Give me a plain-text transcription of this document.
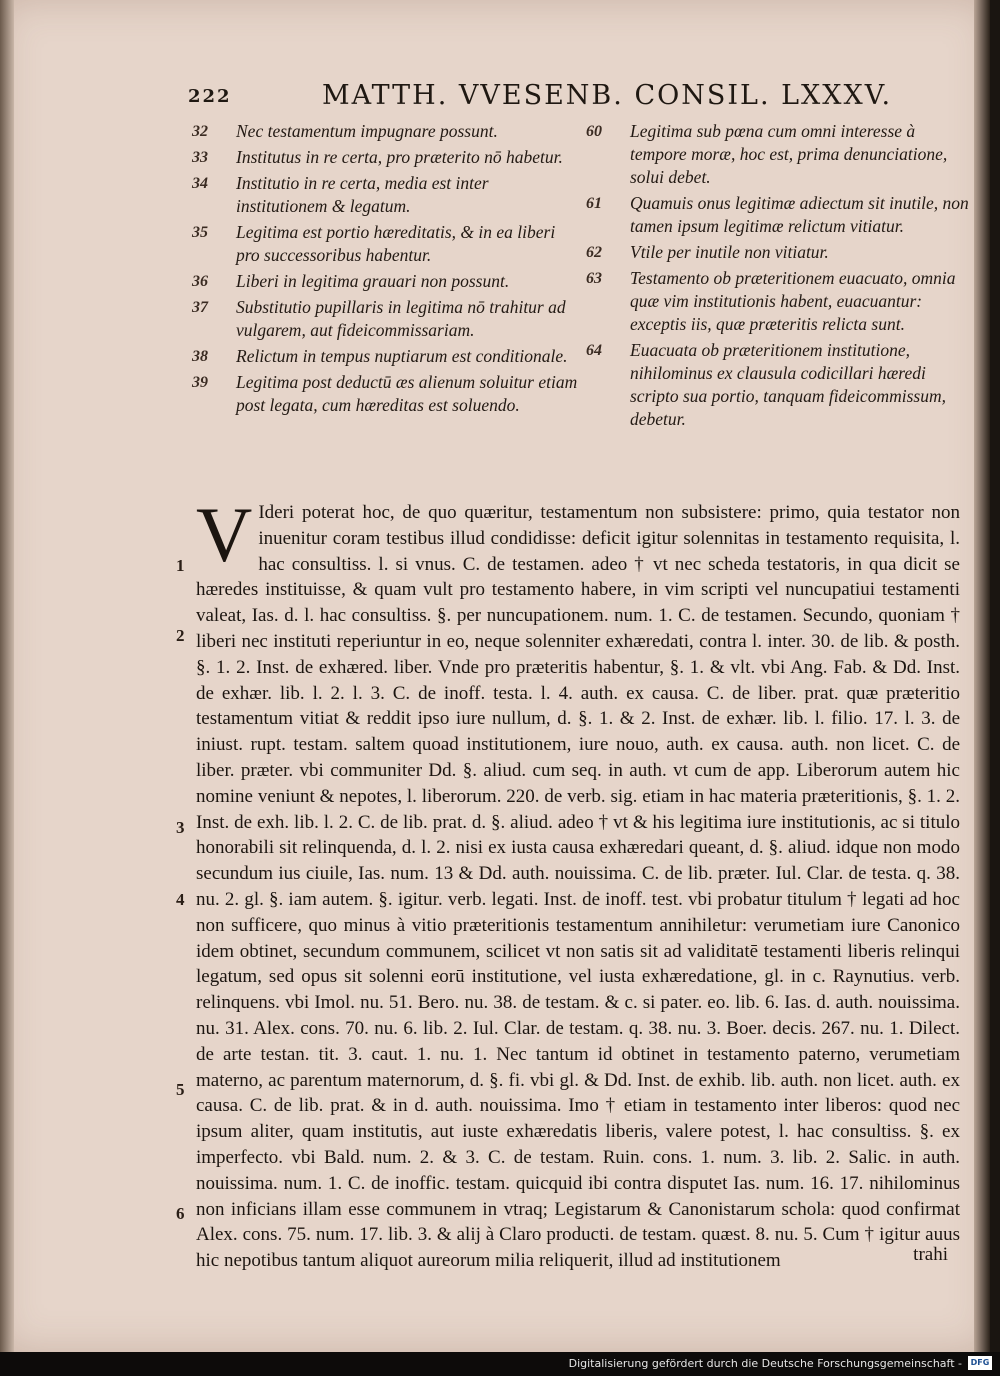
222	MATTH. VVESENB. CONSIL. LXXXV.
32 Nec testamentum impugnare possunt.
33 Institutus in re certa, pro præterito nō habetur.
34 Institutio in re certa, media est inter institutionem & legatum.
35 Legitima est portio hæreditatis, & in ea liberi pro successoribus habentur.
36 Liberi in legitima grauari non possunt.
37 Substitutio pupillaris in legitima nō trahitur ad vulgarem, aut fideicommissariam.
38 Relictum in tempus nuptiarum est conditionale.
39 Legitima post deductū æs alienum soluitur etiam post legata, cum hæreditas est soluendo.
60 Legitima sub pœna cum omni interesse à tempore moræ, hoc est, prima denunciatione, solui debet.
61 Quamuis onus legitimæ adiectum sit inutile, non tamen ipsum legitimæ relictum vitiatur.
62 Vtile per inutile non vitiatur.
63 Testamento ob præteritionem euacuato, omnia quæ vim institutionis habent, euacuantur: exceptis iis, quæ præteritis relicta sunt.
64 Euacuata ob præteritionem institutione, nihilominus ex clausula codicillari hæredi scripto sua portio, tanquam fideicommissum, debetur.
1
2
3
4
5
6
V Ideri poterat hoc, de quo quæritur, testamentum non subsistere: primo, quia testator non inuenitur coram testibus illud condidisse: deficit igitur solennitas in testamento requisita, l. hac consultiss. l. si vnus. C. de testamen. adeo † vt nec scheda testatoris, in qua dicit se hæredes instituisse, & quam vult pro testamento habere, in vim scripti vel nuncupatiui testamenti valeat, Ias. d. l. hac consultiss. §. per nuncupationem. num. 1. C. de testamen. Secundo, quoniam † liberi nec instituti reperiuntur in eo, neque solenniter exhæredati, contra l. inter. 30. de lib. & posth. §. 1. 2. Inst. de exhæred. liber. Vnde pro præteritis habentur, §. 1. & vlt. vbi Ang. Fab. & Dd. Inst. de exhær. lib. l. 2. l. 3. C. de inoff. testa. l. 4. auth. ex causa. C. de liber. prat. quæ præteritio testamentum vitiat & reddit ipso iure nullum, d. §. 1. & 2. Inst. de exhær. lib. l. filio. 17. l. 3. de iniust. rupt. testam. saltem quoad institutionem, iure nouo, auth. ex causa. auth. non licet. C. de liber. præter. vbi communiter Dd. §. aliud. cum seq. in auth. vt cum de app. Liberorum autem hic nomine veniunt & nepotes, l. liberorum. 220. de verb. sig. etiam in hac materia præteritionis, §. 1. 2. Inst. de exh. lib. l. 2. C. de lib. prat. d. §. aliud. adeo † vt & his legitima iure institutionis, ac si titulo honorabili sit relinquenda, d. l. 2. nisi ex iusta causa exhæredari queant, d. §. aliud. idque non modo secundum ius ciuile, Ias. num. 13 & Dd. auth. nouissima. C. de lib. præter. Iul. Clar. de testa. q. 38. nu. 2. gl. §. iam autem. §. igitur. verb. legati. Inst. de inoff. test. vbi probatur titulum † legati ad hoc non sufficere, quo minus à vitio præteritionis testamentum annihiletur: verumetiam iure Canonico idem obtinet, secundum communem, scilicet vt non satis sit ad validitatē testamenti liberis relinqui legatum, sed opus sit solenni eorū institutione, vel iusta exhæredatione, gl. in c. Raynutius. verb. relinquens. vbi Imol. nu. 51. Bero. nu. 38. de testam. & c. si pater. eo. lib. 6. Ias. d. auth. nouissima. nu. 31. Alex. cons. 70. nu. 6. lib. 2. Iul. Clar. de testam. q. 38. nu. 3. Boer. decis. 267. nu. 1. Dilect. de arte testan. tit. 3. caut. 1. nu. 1. Nec tantum id obtinet in testamento paterno, verumetiam materno, ac parentum maternorum, d. §. fi. vbi gl. & Dd. Inst. de exhib. lib. auth. non licet. auth. ex causa. C. de lib. prat. & in d. auth. nouissima. Imo † etiam in testamento inter liberos: quod nec ipsum aliter, quam institutis, aut iuste exhæredatis liberis, valere potest, l. hac consultiss. §. ex imperfecto. vbi Bald. num. 2. & 3. C. de testam. Ruin. cons. 1. num. 3. lib. 2. Salic. in auth. nouissima. num. 1. C. de inoffic. testam. quicquid ibi contra disputet Ias. num. 16. 17. nihilominus non inficians illam esse communem in vtraq; Legistarum & Canonistarum schola: quod confirmat Alex. cons. 75. num. 17. lib. 3. & alij à Claro producti. de testam. quæst. 8. nu. 5. Cum † igitur auus hic nepotibus tantum aliquot aureorum milia reliquerit, illud ad institutionem	trahi
Digitalisierung gefördert durch die Deutsche Forschungsgemeinschaft -	DFG
